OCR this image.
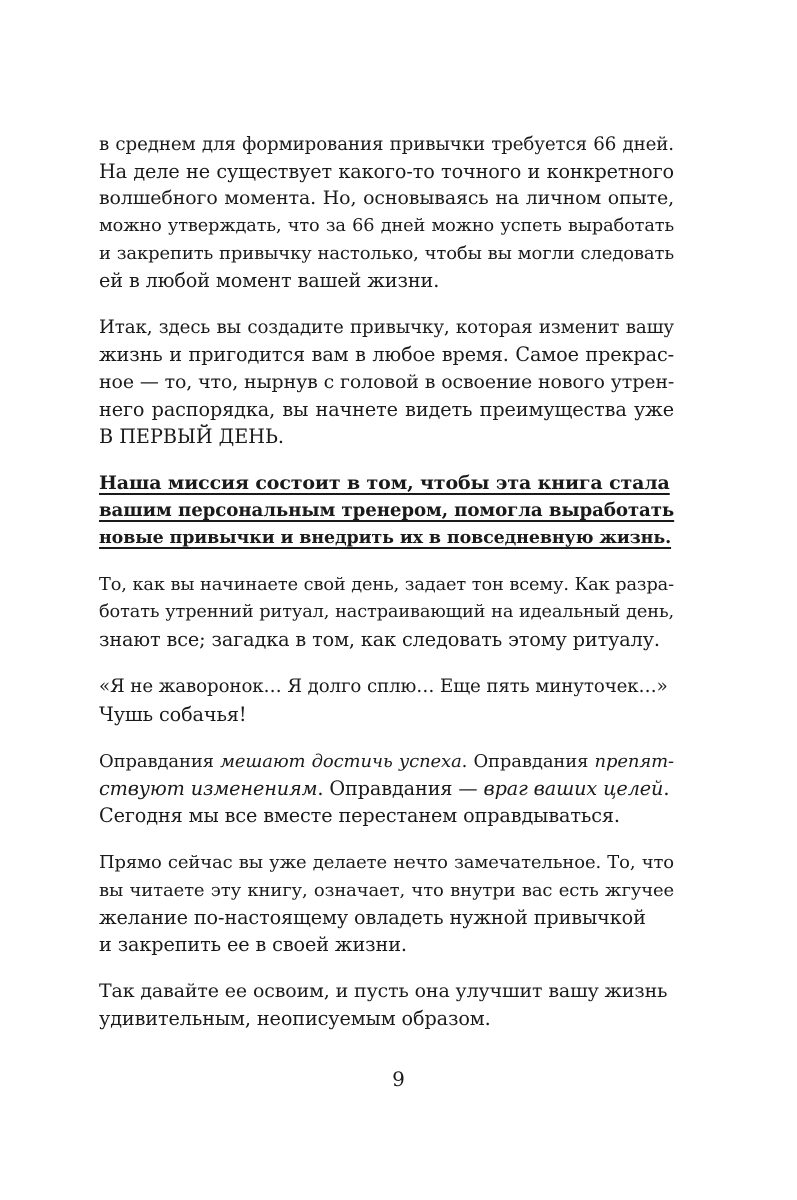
в среднем для формирования привычки требуется 66 дней.
На деле не существует какого-то точного и конкретного
волшебного момента. Но, основываясь на личном опыте,
можно утверждать, что за 66 дней можно успеть выработать
и закрепить привычку настолько, чтобы вы могли следовать
ей в любой момент вашей жизни.

Итак, здесь вы создадите привычку, которая изменит вашу
жизнь и пригодится вам в любое время. Самое прекрас-
ное — то, что, нырнув с головой в освоение нового утрен-
него распорядка, вы начнете видеть преимущества уже
В ПЕРВЫЙ ДЕНЬ.

Наша миссия состоит в том, чтобы эта книга стала
вашим персональным тренером, помогла выработать
новые привычки и внедрить их в повседневную жизнь.

То, как вы начинаете свой день, задает тон всему. Как разра-
ботать утренний ритуал, настраивающий на идеальный день,
знают все; загадка в том, как следовать этому ритуалу.

«Я не жаворонок… Я долго сплю… Еще пять минуточек…»
Чушь собачья!

Оправдания мешают достичь успеха. Оправдания препят-
ствуют изменениям. Оправдания — враг ваших целей.
Сегодня мы все вместе перестанем оправдываться.

Прямо сейчас вы уже делаете нечто замечательное. То, что
вы читаете эту книгу, означает, что внутри вас есть жгучее
желание по-настоящему овладеть нужной привычкой
и закрепить ее в своей жизни.

Так давайте ее освоим, и пусть она улучшит вашу жизнь
удивительным, неописуемым образом.

9
